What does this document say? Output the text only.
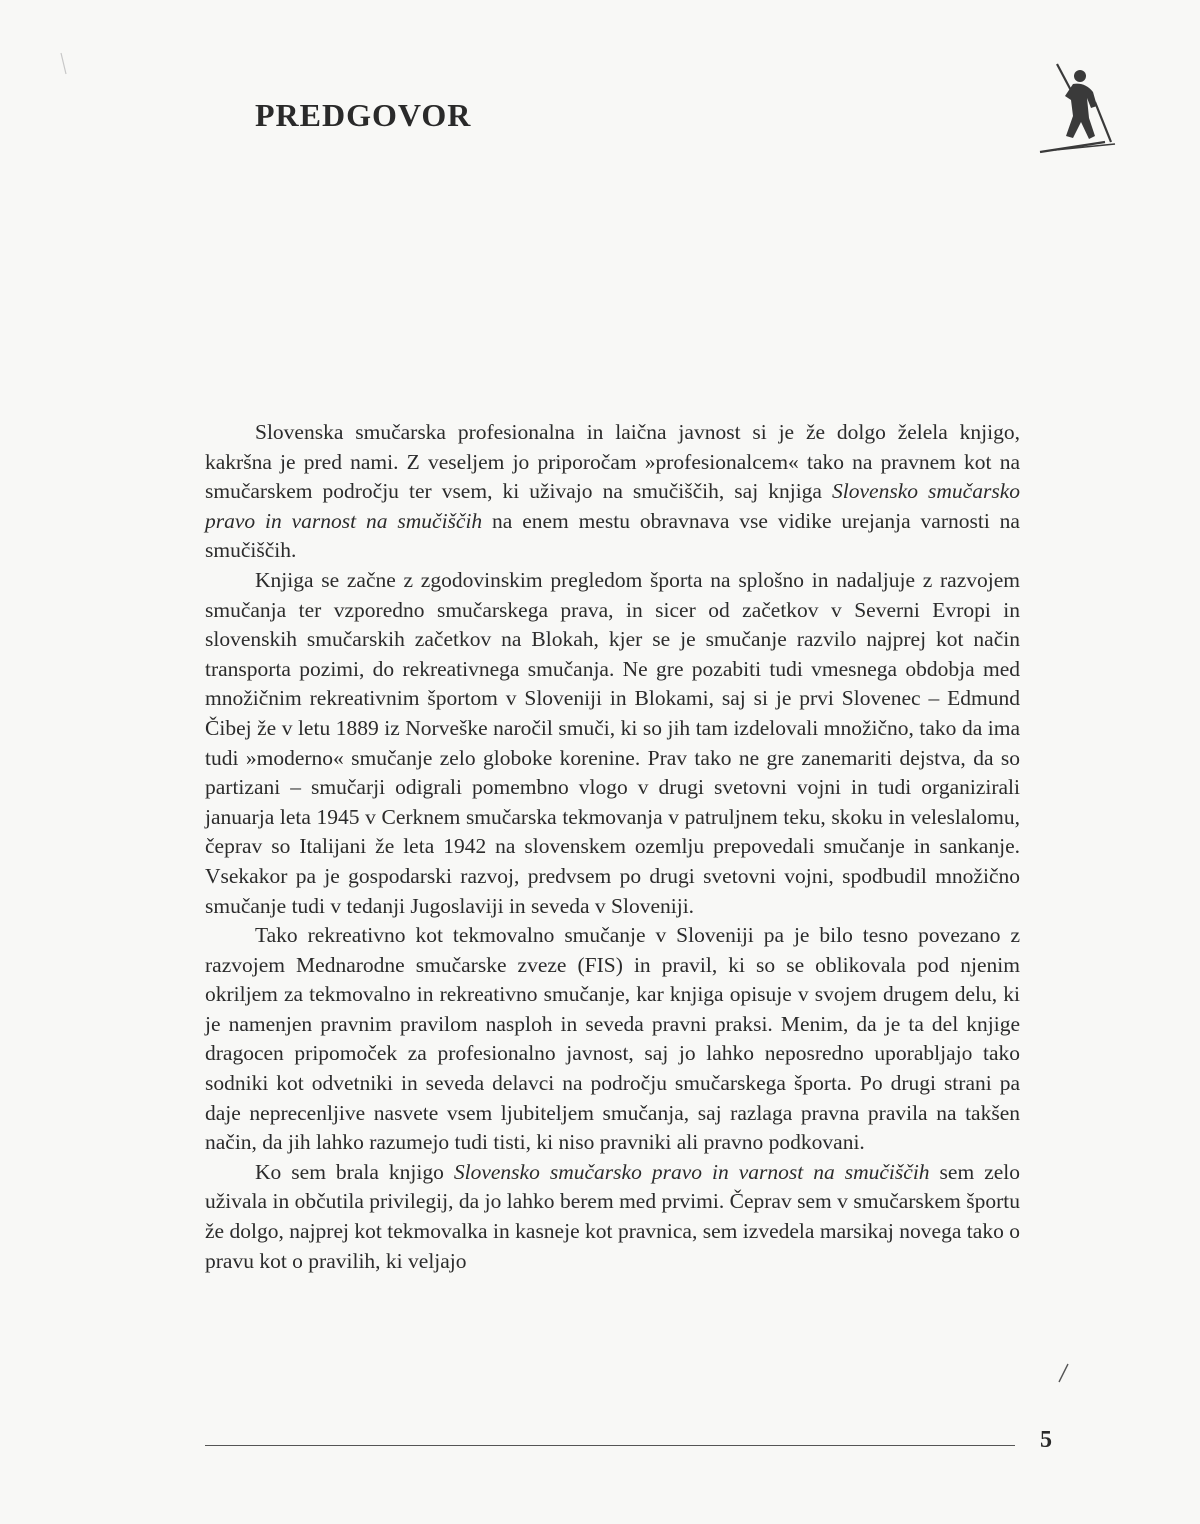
PREDGOVOR

Slovenska smučarska profesionalna in laična javnost si je že dolgo želela knjigo, kakršna je pred nami. Z veseljem jo priporočam »profesionalcem« tako na pravnem kot na smučarskem področju ter vsem, ki uživajo na smučiščih, saj knjiga Slovensko smučarsko pravo in varnost na smučiščih na enem mestu obravnava vse vidike urejanja varnosti na smučiščih.

Knjiga se začne z zgodovinskim pregledom športa na splošno in nadaljuje z razvojem smučanja ter vzporedno smučarskega prava, in sicer od začetkov v Severni Evropi in slovenskih smučarskih začetkov na Blokah, kjer se je smučanje razvilo najprej kot način transporta pozimi, do rekreativnega smučanja. Ne gre pozabiti tudi vmesnega obdobja med množičnim rekreativnim športom v Sloveniji in Blokami, saj si je prvi Slovenec – Edmund Čibej že v letu 1889 iz Norveške naročil smuči, ki so jih tam izdelovali množično, tako da ima tudi »moderno« smučanje zelo globoke korenine. Prav tako ne gre zanemariti dejstva, da so partizani – smučarji odigrali pomembno vlogo v drugi svetovni vojni in tudi organizirali januarja leta 1945 v Cerknem smučarska tekmovanja v patruljnem teku, skoku in veleslalomu, čeprav so Italijani že leta 1942 na slovenskem ozemlju prepovedali smučanje in sankanje. Vsekakor pa je gospodarski razvoj, predvsem po drugi svetovni vojni, spodbudil množično smučanje tudi v tedanji Jugoslaviji in seveda v Sloveniji.

Tako rekreativno kot tekmovalno smučanje v Sloveniji pa je bilo tesno povezano z razvojem Mednarodne smučarske zveze (FIS) in pravil, ki so se oblikovala pod njenim okriljem za tekmovalno in rekreativno smučanje, kar knjiga opisuje v svojem drugem delu, ki je namenjen pravnim pravilom nasploh in seveda pravni praksi. Menim, da je ta del knjige dragocen pripomoček za profesionalno javnost, saj jo lahko neposredno uporabljajo tako sodniki kot odvetniki in seveda delavci na področju smučarskega športa. Po drugi strani pa daje neprecenljive nasvete vsem ljubiteljem smučanja, saj razlaga pravna pravila na takšen način, da jih lahko razumejo tudi tisti, ki niso pravniki ali pravno podkovani.

Ko sem brala knjigo Slovensko smučarsko pravo in varnost na smučiščih sem zelo uživala in občutila privilegij, da jo lahko berem med prvimi. Čeprav sem v smučarskem športu že dolgo, najprej kot tekmovalka in kasneje kot pravnica, sem izvedela marsikaj novega tako o pravu kot o pravilih, ki veljajo

5
